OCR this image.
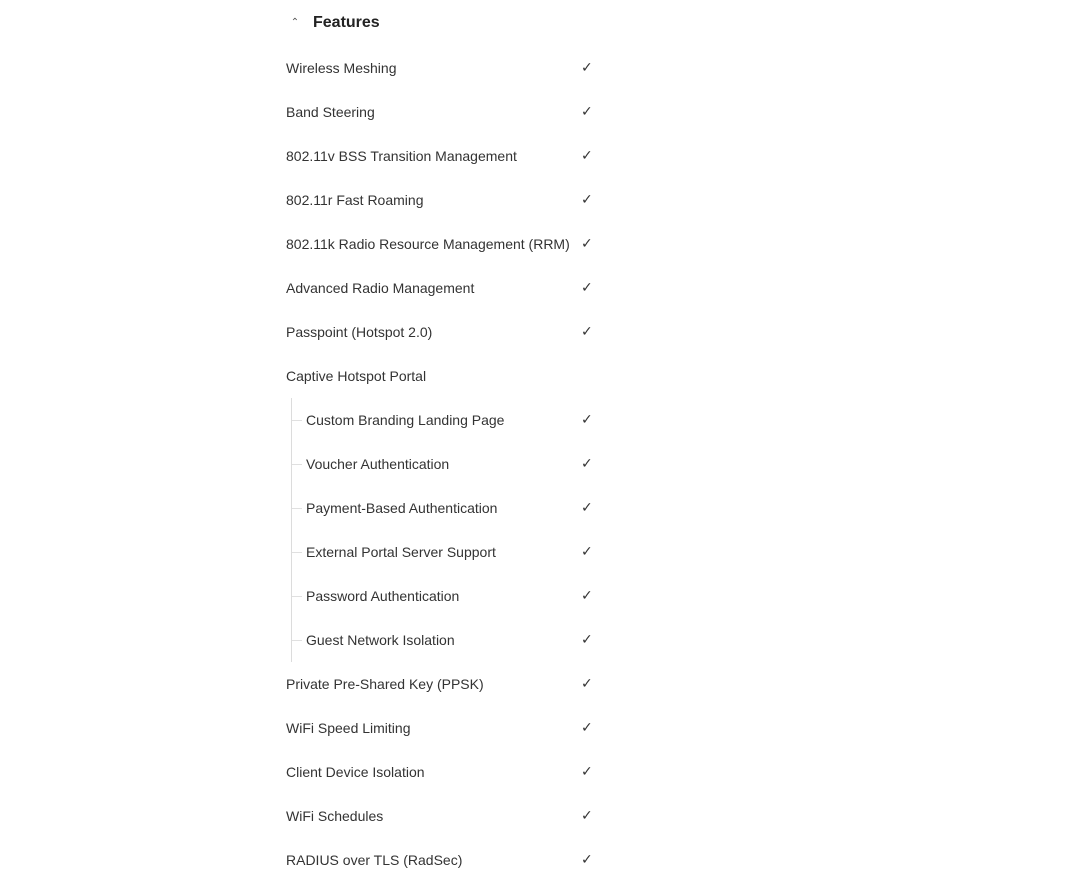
⌃ Features
Wireless Meshing	✓
Band Steering	✓
802.11v BSS Transition Management	✓
802.11r Fast Roaming	✓
802.11k Radio Resource Management (RRM) ✓
Advanced Radio Management	✓
Passpoint (Hotspot 2.0)	✓
Captive Hotspot Portal
Custom Branding Landing Page	✓
Voucher Authentication	✓
Payment-Based Authentication	✓
External Portal Server Support	✓
Password Authentication	✓
Guest Network Isolation	✓
Private Pre-Shared Key (PPSK)	✓
WiFi Speed Limiting	✓
Client Device Isolation	✓
WiFi Schedules	✓
RADIUS over TLS (RadSec)	✓
